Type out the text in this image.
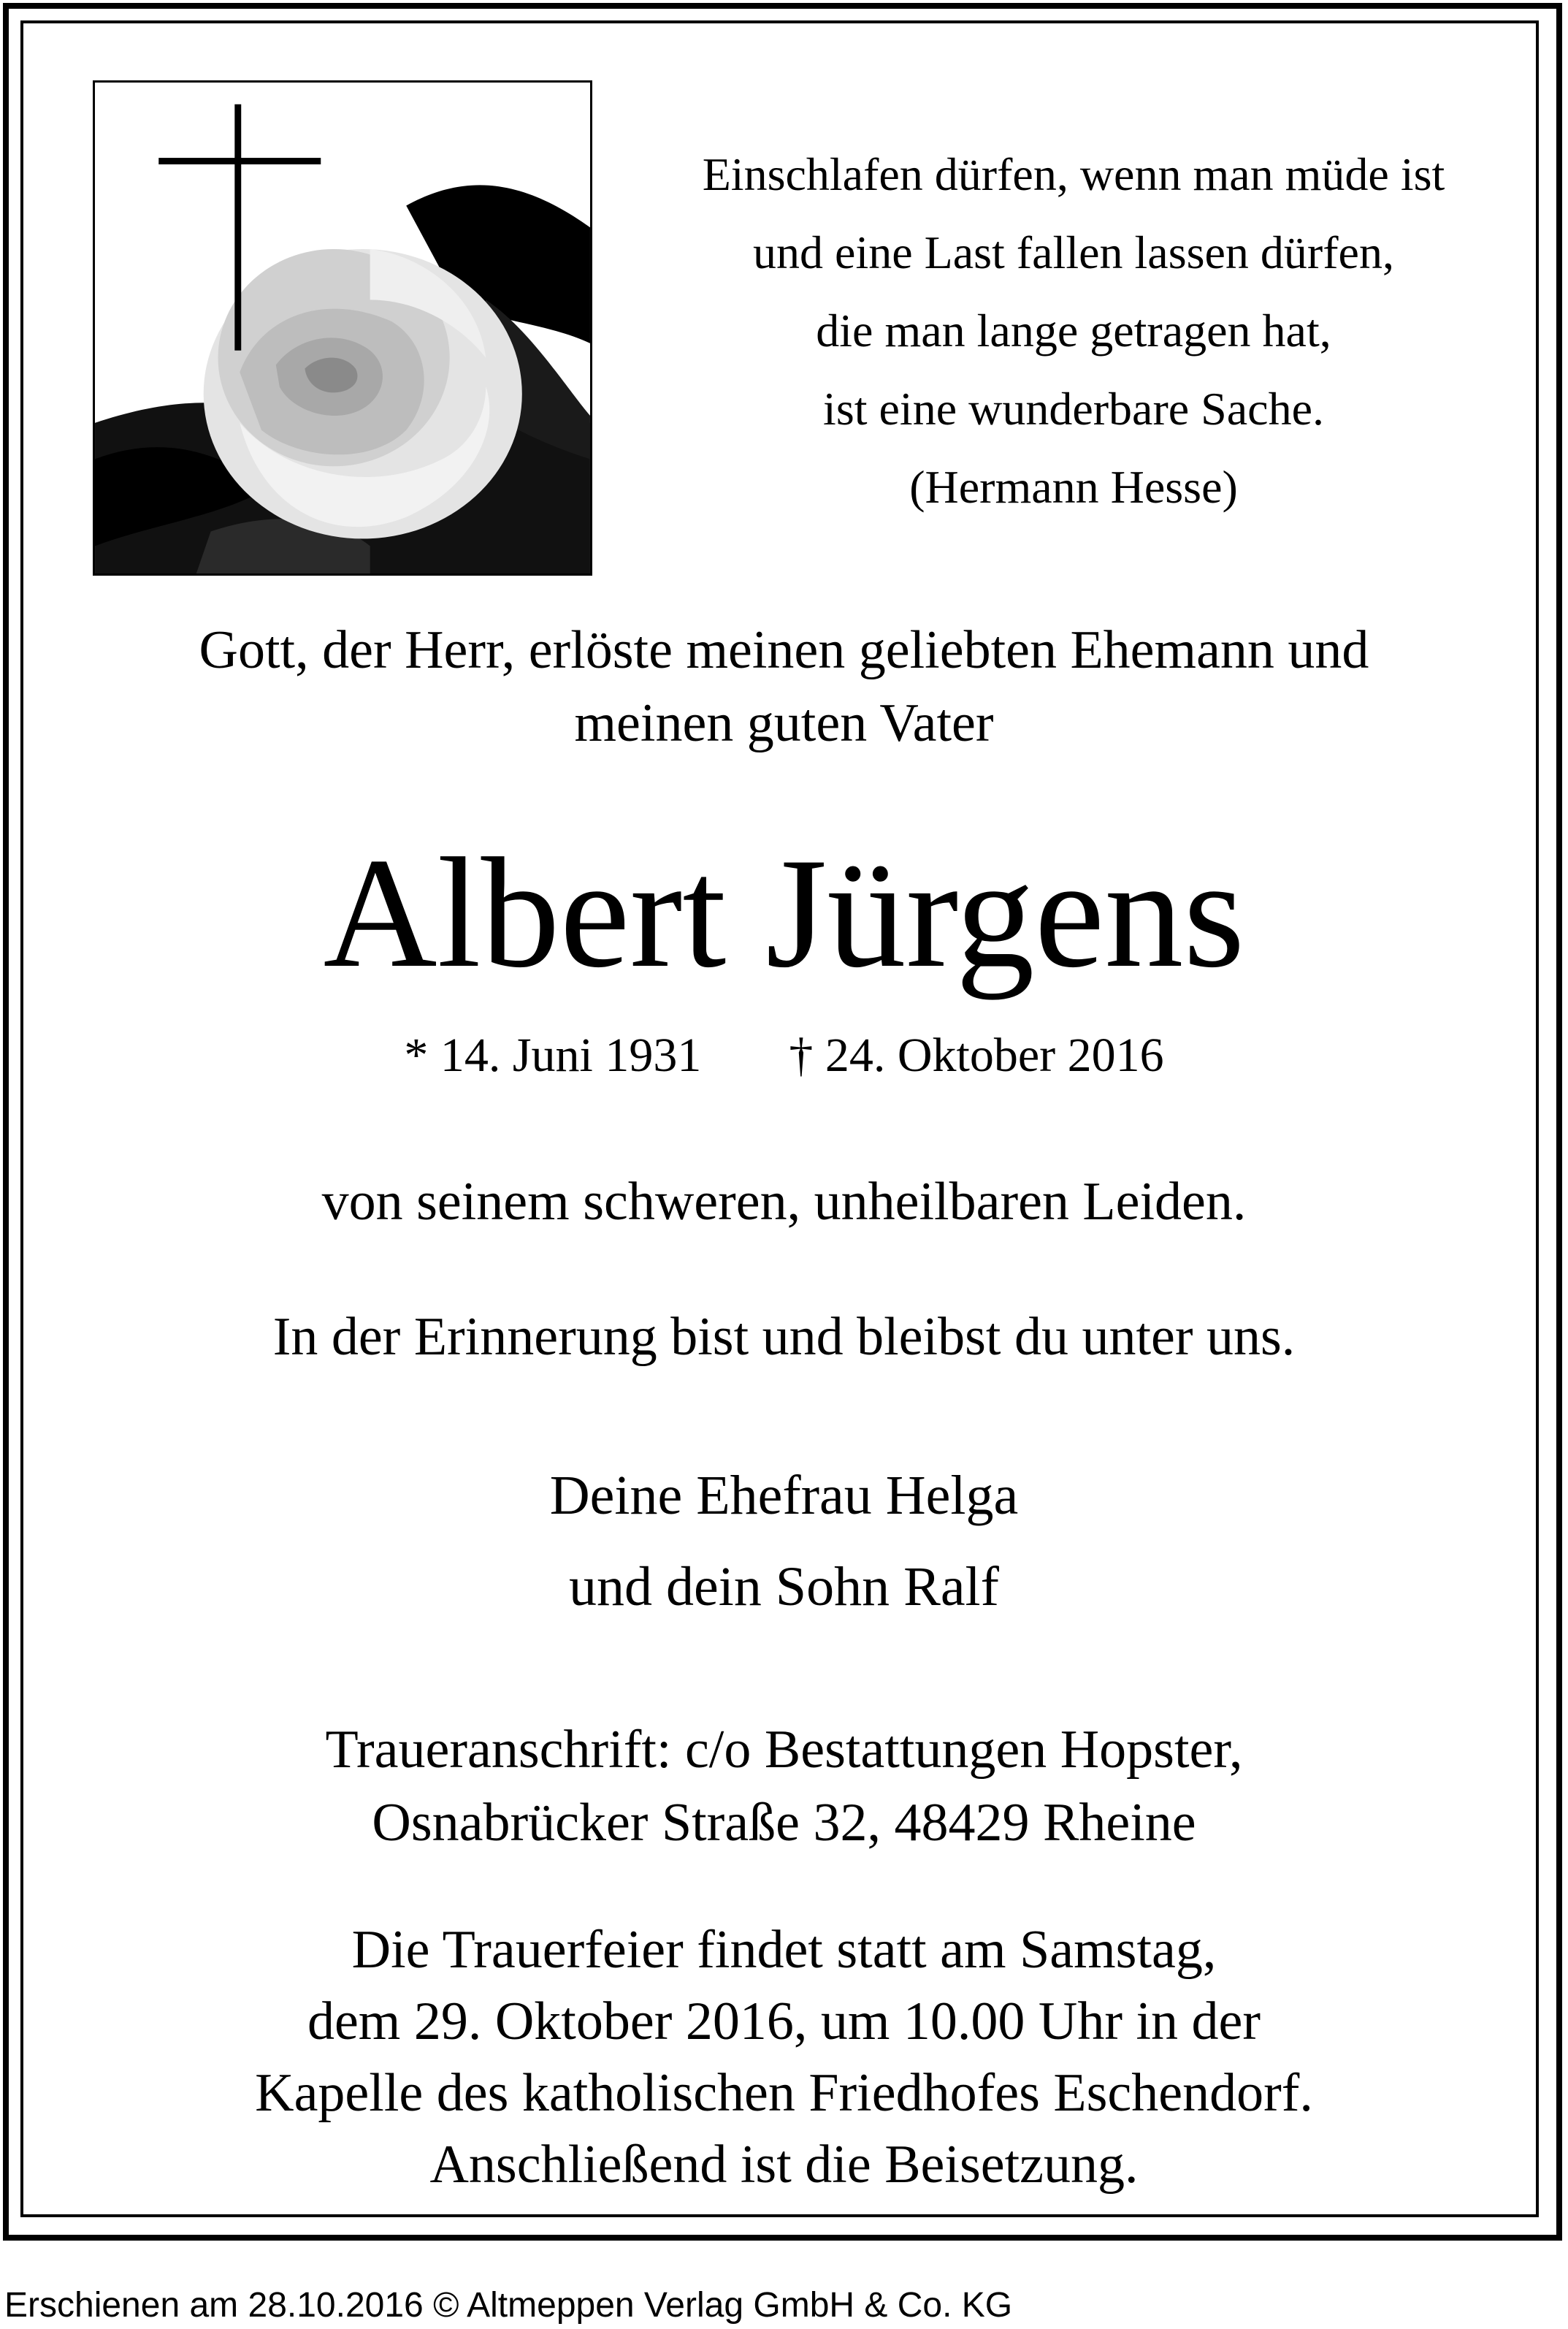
Einschlafen dürfen, wenn man müde ist
und eine Last fallen lassen dürfen,
die man lange getragen hat,
ist eine wunderbare Sache.
(Hermann Hesse)
Gott, der Herr, erlöste meinen geliebten Ehemann und
meinen guten Vater
Albert Jürgens
* 14. Juni 1931 † 24. Oktober 2016
von seinem schweren, unheilbaren Leiden.
In der Erinnerung bist und bleibst du unter uns.
Deine Ehefrau Helga
und dein Sohn Ralf
Traueranschrift: c/o Bestattungen Hopster,
Osnabrücker Straße 32, 48429 Rheine
Die Trauerfeier findet statt am Samstag,
dem 29. Oktober 2016, um 10.00 Uhr in der
Kapelle des katholischen Friedhofes Eschendorf.
Anschließend ist die Beisetzung.
Erschienen am 28.10.2016 © Altmeppen Verlag GmbH & Co. KG
